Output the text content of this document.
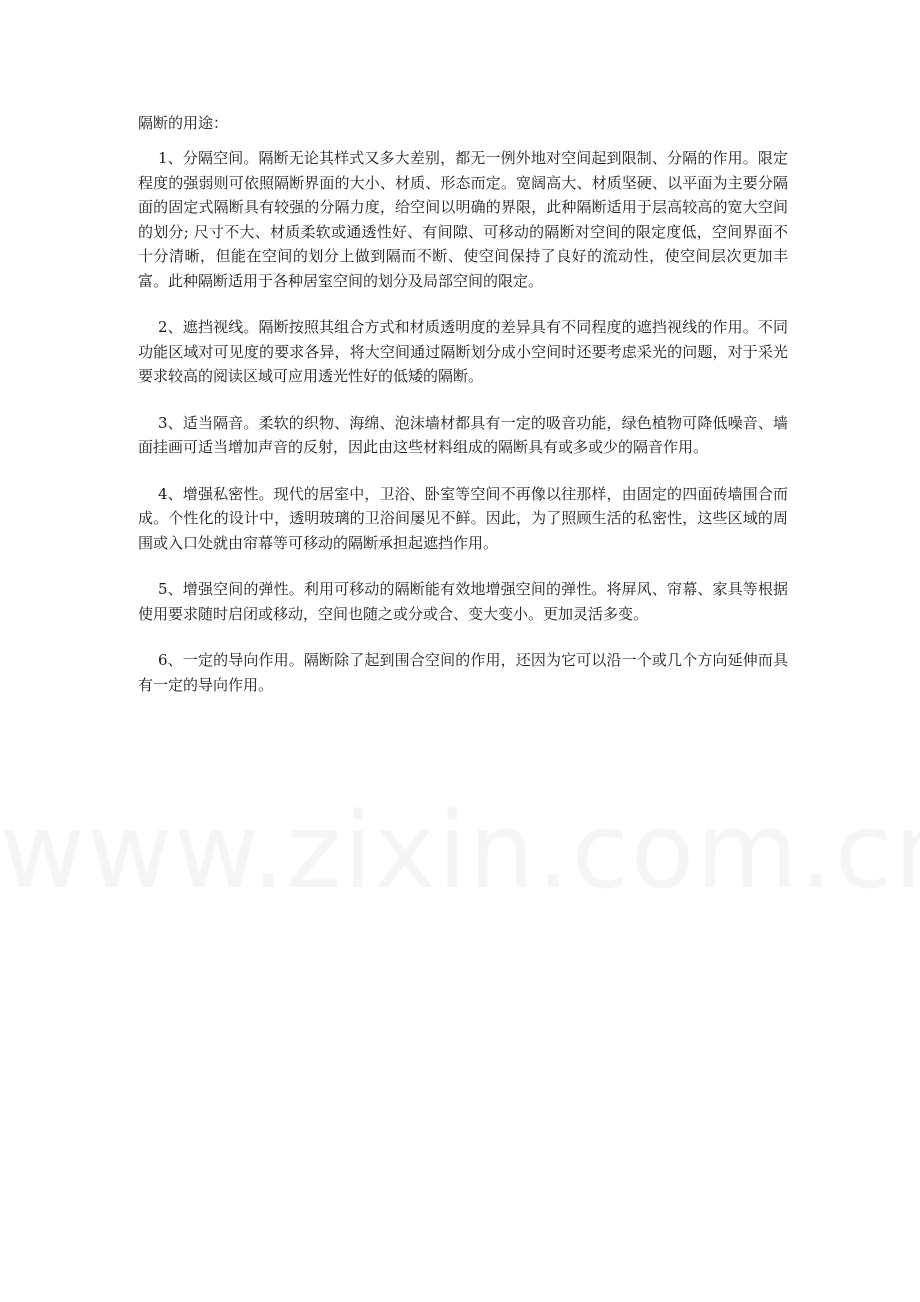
隔断的用途：

1、分隔空间。隔断无论其样式又多大差别，都无一例外地对空间起到限制、分隔的作用。限定程度的强弱则可依照隔断界面的大小、材质、形态而定。宽阔高大、材质坚硬、以平面为主要分隔面的固定式隔断具有较强的分隔力度，给空间以明确的界限，此种隔断适用于层高较高的宽大空间的划分; 尺寸不大、材质柔软或通透性好、有间隙、可移动的隔断对空间的限定度低，空间界面不十分清晰，但能在空间的划分上做到隔而不断、使空间保持了良好的流动性，使空间层次更加丰富。此种隔断适用于各种居室空间的划分及局部空间的限定。

2、遮挡视线。隔断按照其组合方式和材质透明度的差异具有不同程度的遮挡视线的作用。不同功能区域对可见度的要求各异，将大空间通过隔断划分成小空间时还要考虑采光的问题，对于采光要求较高的阅读区域可应用透光性好的低矮的隔断。

3、适当隔音。柔软的织物、海绵、泡沫墙材都具有一定的吸音功能，绿色植物可降低噪音、墙面挂画可适当增加声音的反射，因此由这些材料组成的隔断具有或多或少的隔音作用。

4、增强私密性。现代的居室中，卫浴、卧室等空间不再像以往那样，由固定的四面砖墙围合而成。个性化的设计中，透明玻璃的卫浴间屡见不鲜。因此，为了照顾生活的私密性，这些区域的周围或入口处就由帘幕等可移动的隔断承担起遮挡作用。

5、增强空间的弹性。利用可移动的隔断能有效地增强空间的弹性。将屏风、帘幕、家具等根据使用要求随时启闭或移动，空间也随之或分或合、变大变小。更加灵活多变。

6、一定的导向作用。隔断除了起到围合空间的作用，还因为它可以沿一个或几个方向延伸而具有一定的导向作用。
